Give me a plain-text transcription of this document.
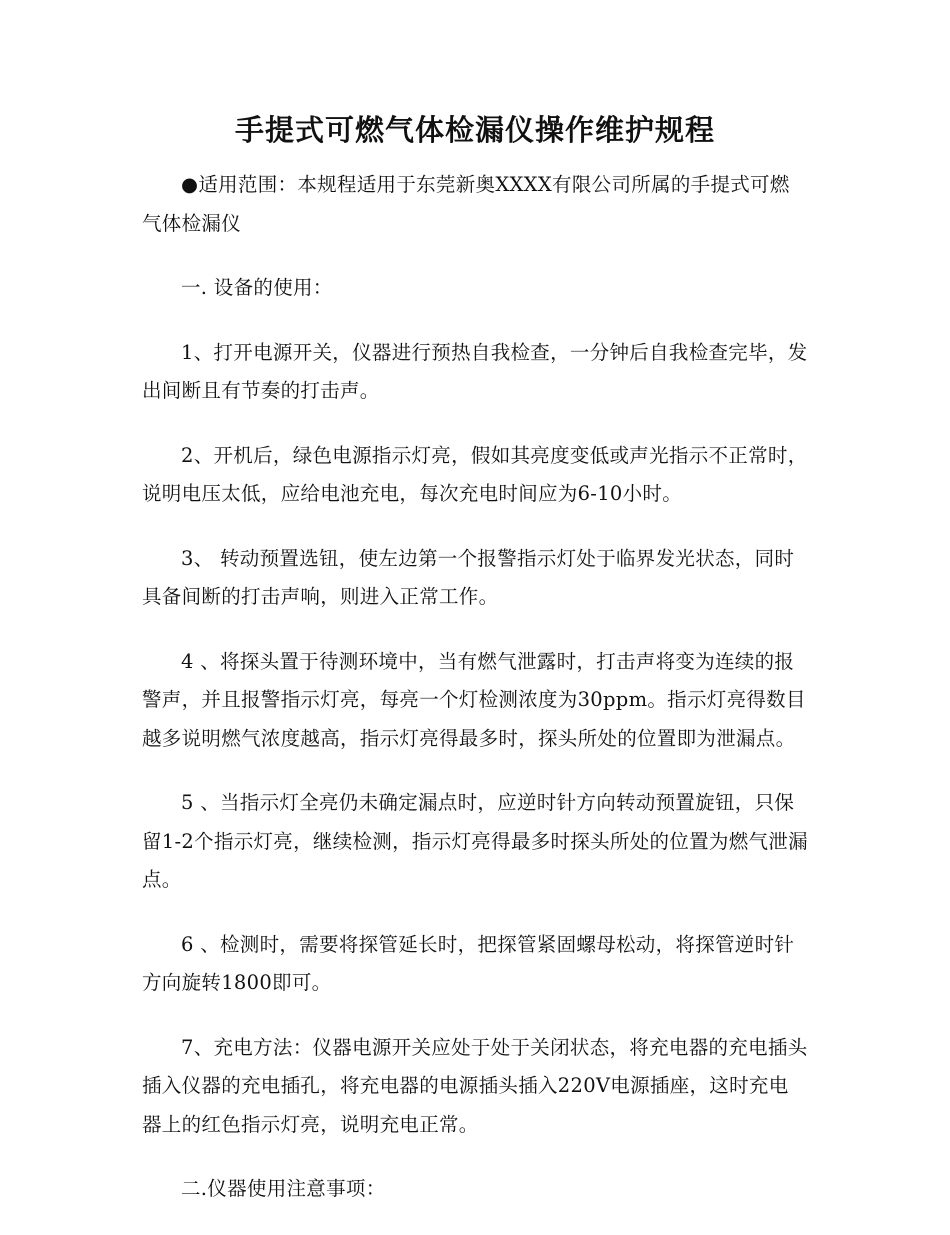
手提式可燃气体检漏仪操作维护规程

●适用范围：本规程适用于东莞新奥XXXX有限公司所属的手提式可燃气体检漏仪

一. 设备的使用：

1、打开电源开关，仪器进行预热自我检查，一分钟后自我检查完毕，发出间断且有节奏的打击声。

2、开机后，绿色电源指示灯亮，假如其亮度变低或声光指示不正常时，说明电压太低，应给电池充电，每次充电时间应为6-10小时。

3、 转动预置选钮，使左边第一个报警指示灯处于临界发光状态，同时具备间断的打击声响，则进入正常工作。

4 、将探头置于待测环境中，当有燃气泄露时，打击声将变为连续的报警声，并且报警指示灯亮，每亮一个灯检测浓度为30ppm。指示灯亮得数目越多说明燃气浓度越高，指示灯亮得最多时，探头所处的位置即为泄漏点。

5 、当指示灯全亮仍未确定漏点时，应逆时针方向转动预置旋钮，只保留1-2个指示灯亮，继续检测，指示灯亮得最多时探头所处的位置为燃气泄漏点。

6 、检测时，需要将探管延长时，把探管紧固螺母松动，将探管逆时针方向旋转1800即可。

7、充电方法：仪器电源开关应处于处于关闭状态，将充电器的充电插头插入仪器的充电插孔，将充电器的电源插头插入220V电源插座，这时充电器上的红色指示灯亮，说明充电正常。

二.仪器使用注意事项：
